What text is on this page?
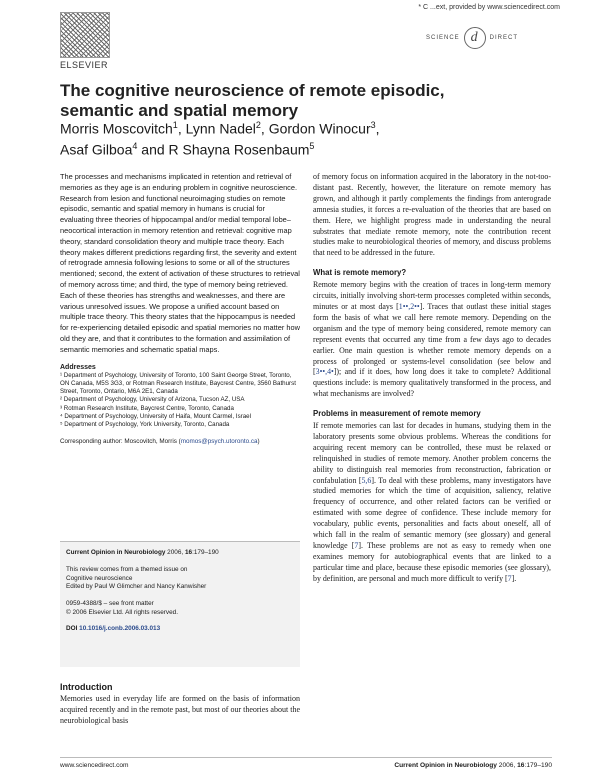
* C ...ext, provided by www.sciencedirect.com
ELSEVIER
SCIENCE d	DIRECT
The cognitive neuroscience of remote episodic, semantic and spatial memory

Morris Moscovitch$^1$, Lynn Nadel$^2$, Gordon Winocur$^3$, Asaf Gilboa$^4$ and R Shayna Rosenbaum$^5$

The processes and mechanisms implicated in retention and retrieval of memories as they age is an enduring problem in cognitive neuroscience. Research from lesion and functional neuroimaging studies on remote episodic, semantic and spatial memory in humans is crucial for evaluating three theories of hippocampal and/or medial temporal lobe–neocortical interaction in memory retention and retrieval: cognitive map theory, standard consolidation theory and multiple trace theory. Each theory makes different predictions regarding first, the severity and extent of retrograde amnesia following lesions to some or all of the structures mentioned; second, the extent of activation of these structures to retrieval of memory across time; and third, the type of memory being retrieved. Each of these theories has strengths and weaknesses, and there are various unresolved issues. We propose a unified account based on multiple trace theory. This theory states that the hippocampus is needed for re-experiencing detailed episodic and spatial memories no matter how old they are, and that it contributes to the formation and assimilation of semantic memories and schematic spatial maps.

Addresses

¹ Department of Psychology, University of Toronto, 100 Saint George Street, Toronto, ON Canada, M5S 3G3, or Rotman Research Institute, Baycrest Centre, 3560 Bathurst Street, Toronto, Ontario, M6A 2E1, Canada

² Department of Psychology, University of Arizona, Tucson AZ, USA

³ Rotman Research Institute, Baycrest Centre, Toronto, Canada

⁴ Department of Psychology, University of Haifa, Mount Carmel, Israel

⁵ Department of Psychology, York University, Toronto, Canada

Corresponding author: Moscovitch, Morris (momos@psych.utoronto.ca)

Current Opinion in Neurobiology 2006, 16:179–190

This review comes from a themed issue on

Cognitive neuroscience

Edited by Paul W Glimcher and Nancy Kanwisher

0959-4388/$ – see front matter

© 2006 Elsevier Ltd. All rights reserved.

DOI 10.1016/j.conb.2006.03.013

Introduction

Memories used in everyday life are formed on the basis of information acquired recently and in the remote past, but most of our theories about the neurobiological basis

of memory focus on information acquired in the laboratory in the not-too-distant past. Recently, however, the literature on remote memory has grown, and although it partly complements the findings from anterograde amnesia studies, it forces a re-evaluation of the theories that are based on them. Here, we highlight progress made in understanding the neural substrates that mediate remote memory, note the contribution recent studies make to neurobiological theories of memory, and discuss problems that need to be addressed in the future.

What is remote memory?

Remote memory begins with the creation of traces in long-term memory circuits, initially involving short-term processes completed within seconds, minutes or at most days [1••,2••]. Traces that outlast these initial stages form the basis of what we call here remote memory. Depending on the organism and the type of memory being considered, remote memory can represent events that occurred any time from a few days ago to decades earlier. One main question is whether remote memory depends on a process of prolonged or systems-level consolidation (see below and [3••,4•]); and if it does, how long does it take to complete? Additional questions include: is memory qualitatively transformed in the process, and what mechanisms are involved?

Problems in measurement of remote memory

If remote memories can last for decades in humans, studying them in the laboratory presents some obvious problems. Whereas the conditions for acquiring recent memory can be controlled, these must be relaxed or relinquished in studies of remote memory. Another problem concerns the ability to distinguish real memories from reconstruction, fabrication or confabulation [5,6]. To deal with these problems, many investigators have studied memories for which the time of acquisition, saliency, relative frequency of occurrence, and other related factors can be verified or estimated with some degree of confidence. These include memory for vocabulary, public events, personalities and facts about oneself, all of which fall in the realm of semantic memory (see glossary) and general knowledge [7]. These problems are not as easy to remedy when one examines memory for autobiographical events that are linked to a particular time and place, because these episodic memories (see glossary), by definition, are personal and much more difficult to verify [7].

www.sciencedirect.com	Current Opinion in Neurobiology 2006, 16:179–190
